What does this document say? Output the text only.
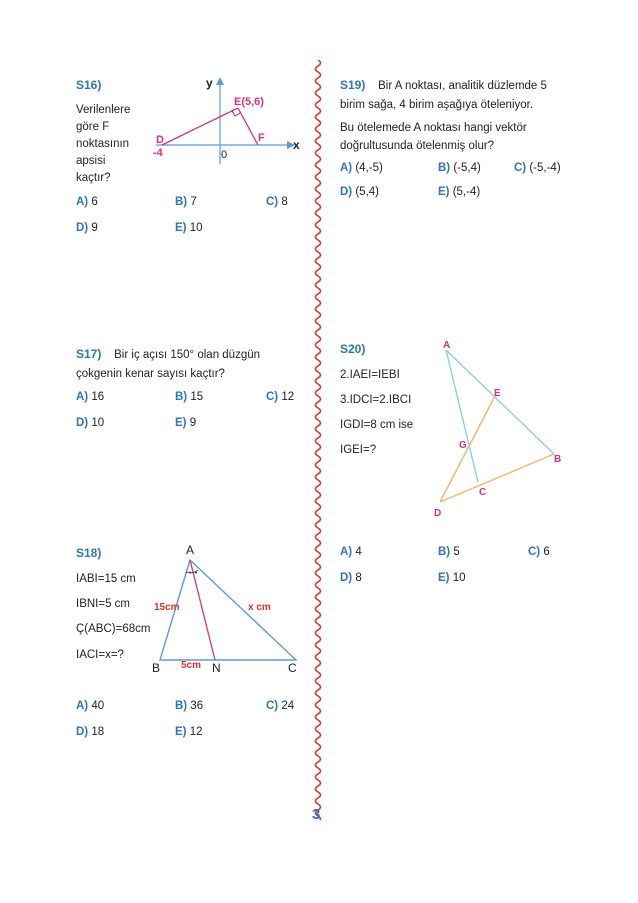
S16)
Verilenlere
göre F
noktasının
apsisi
kaçtır?
y
x
E(5,6)
D	F
-4	0
A) 6	B) 7	C) 8
D) 9	E) 10
S17) Bir iç açısı 150° olan düzgün
çokgenin kenar sayısı kaçtır?
A) 16	B) 15	C) 12
D) 10	E) 9
S18)
IABI=15 cm
IBNI=5 cm
Ç(ABC)=68cm
IACI=x=?
• •
A
B	C
N
15cm
5cm
x cm
A) 40	B) 36	C) 24
D) 18	E) 12
S19) Bir A noktası, analitik düzlemde 5
birim sağa, 4 birim aşağıya öteleniyor.
Bu ötelemede A noktası hangi vektör
doğrultusunda ötelenmiş olur?
A) (4,-5)	B) (-5,4)	C) (-5,-4)
D) (5,4)	E) (5,-4)
S20)
2.IAEI=IEBI
3.IDCI=2.IBCI
IGDI=8 cm ise
IGEI=?
A
B
C
D
E
G
A) 4	B) 5	C) 6
D) 8	E) 10
3
